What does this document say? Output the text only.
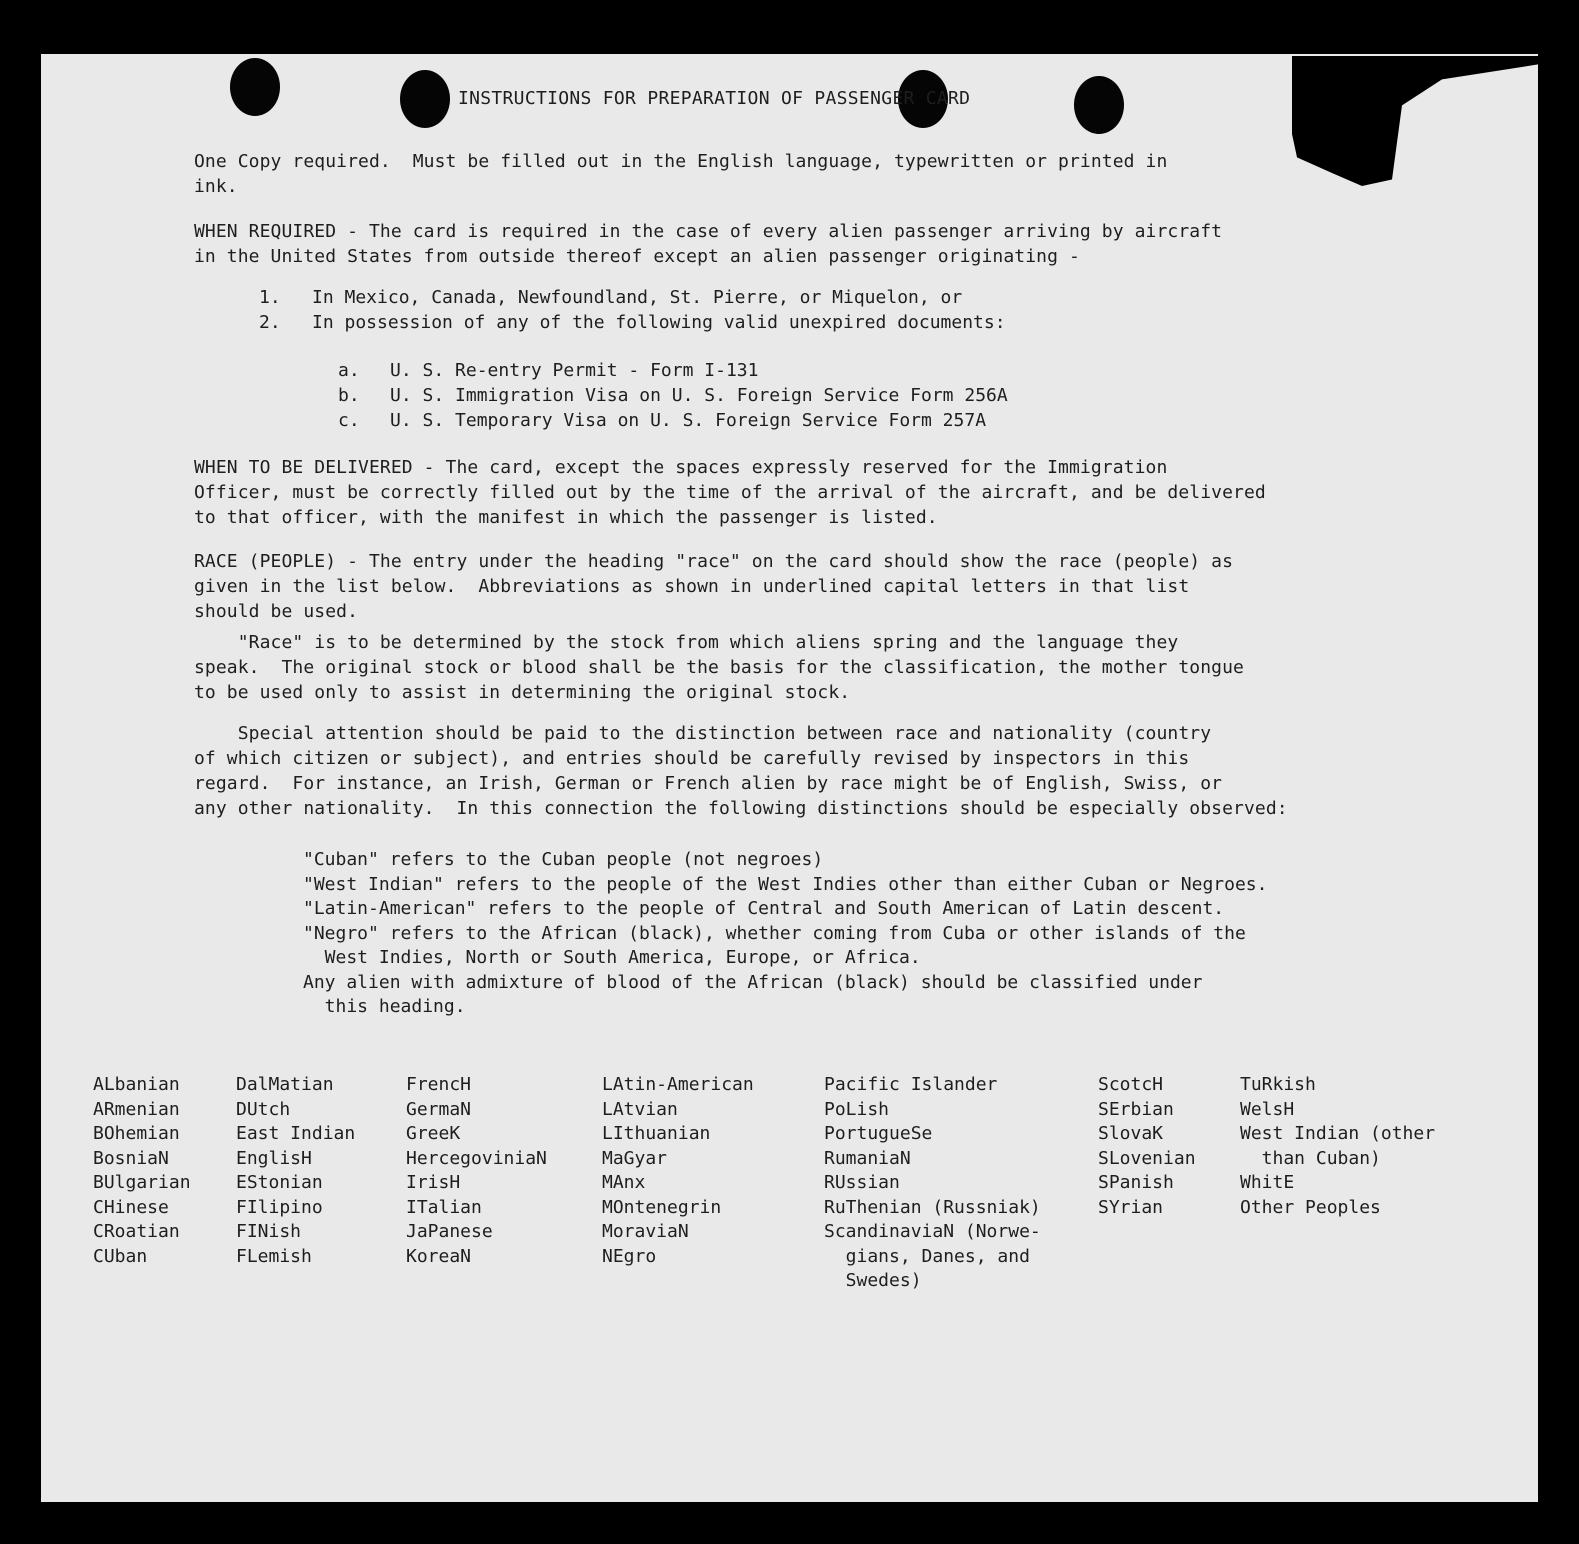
INSTRUCTIONS FOR PREPARATION OF PASSENGER CARD

One Copy required.  Must be filled out in the English language, typewritten or printed in
ink.

WHEN REQUIRED - The card is required in the case of every alien passenger arriving by aircraft
in the United States from outside thereof except an alien passenger originating -

1. In Mexico, Canada, Newfoundland, St. Pierre, or Miquelon, or
2. In possession of any of the following valid unexpired documents:
a. U. S. Re-entry Permit - Form I-131
b. U. S. Immigration Visa on U. S. Foreign Service Form 256A
c. U. S. Temporary Visa on U. S. Foreign Service Form 257A

WHEN TO BE DELIVERED - The card, except the spaces expressly reserved for the Immigration
Officer, must be correctly filled out by the time of the arrival of the aircraft, and be delivered
to that officer, with the manifest in which the passenger is listed.

RACE (PEOPLE) - The entry under the heading "race" on the card should show the race (people) as
given in the list below.  Abbreviations as shown in underlined capital letters in that list
should be used.

"Race" is to be determined by the stock from which aliens spring and the language they
speak.  The original stock or blood shall be the basis for the classification, the mother tongue
to be used only to assist in determining the original stock.

Special attention should be paid to the distinction between race and nationality (country
of which citizen or subject), and entries should be carefully revised by inspectors in this
regard.  For instance, an Irish, German or French alien by race might be of English, Swiss, or
any other nationality.  In this connection the following distinctions should be especially observed:

"Cuban" refers to the Cuban people (not negroes)
"West Indian" refers to the people of the West Indies other than either Cuban or Negroes.
"Latin-American" refers to the people of Central and South American of Latin descent.
"Negro" refers to the African (black), whether coming from Cuba or other islands of the
West Indies, North or South America, Europe, or Africa.
Any alien with admixture of blood of the African (black) should be classified under
this heading.
ALbanian
ARmenian
BOhemian
BosniaN
BUlgarian
CHinese
CRoatian
CUban
DalMatian
DUtch
East Indian
EnglisH
EStonian
FIlipino
FINish
FLemish
FrencH
GermaN
GreeK
HercegoviniaN
IrisH
ITalian
JaPanese
KoreaN
LAtin-American
LAtvian
LIthuanian
MaGyar
MAnx
MOntenegrin
MoraviaN
NEgro
Pacific Islander
PoLish
PortugueSe
RumaniaN
RUssian
RuThenian (Russniak)
ScandinaviaN (Norwe-
gians, Danes, and
Swedes)
ScotcH
SErbian
SlovaK
SLovenian
SPanish
SYrian
TuRkish
WelsH
West Indian (other
than Cuban)
WhitE
Other Peoples
